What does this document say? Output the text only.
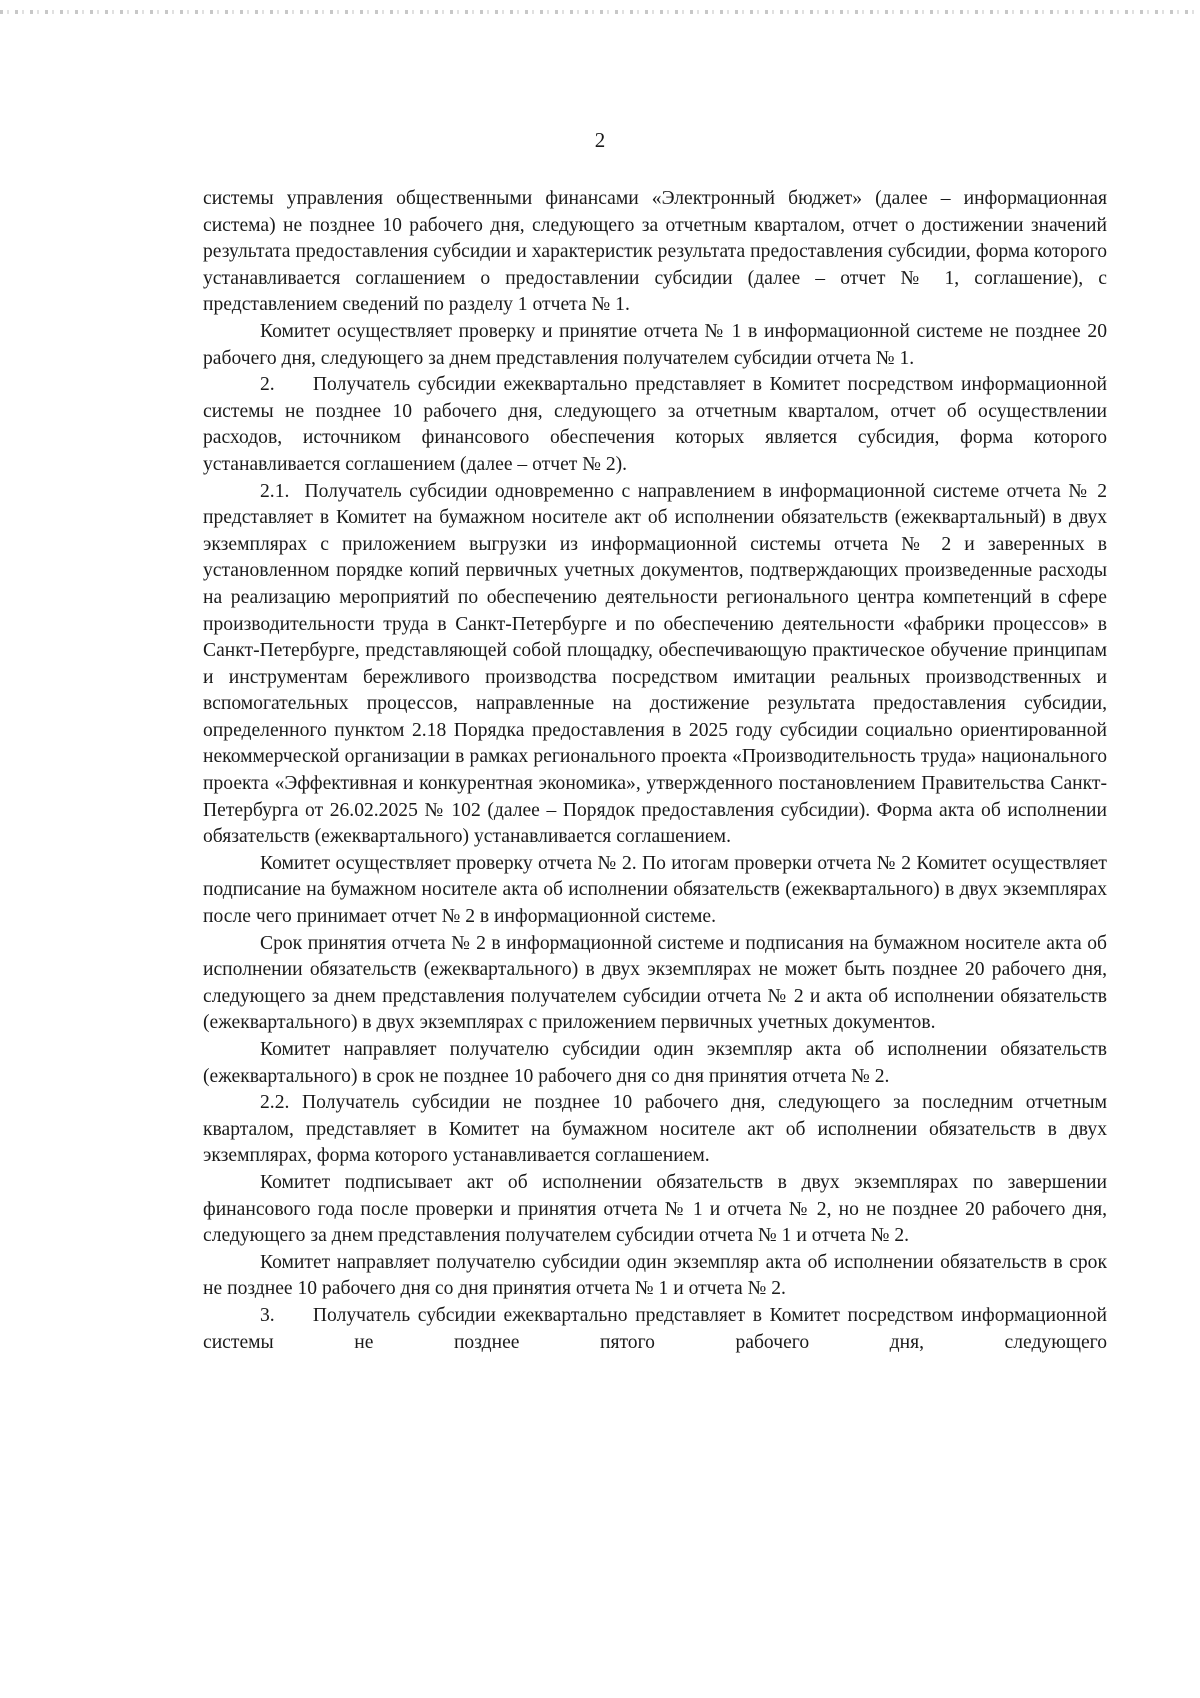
2

системы управления общественными финансами «Электронный бюджет» (далее – информационная система) не позднее 10 рабочего дня, следующего за отчетным кварталом, отчет о достижении значений результата предоставления субсидии и характеристик результата предоставления субсидии, форма которого устанавливается соглашением о предоставлении субсидии (далее – отчет № 1, соглашение), с представлением сведений по разделу 1 отчета № 1.

Комитет осуществляет проверку и принятие отчета № 1 в информационной системе не позднее 20 рабочего дня, следующего за днем представления получателем субсидии отчета № 1.

2.     Получатель субсидии ежеквартально представляет в Комитет посредством информационной системы не позднее 10 рабочего дня, следующего за отчетным кварталом, отчет об осуществлении расходов, источником финансового обеспечения которых является субсидия, форма которого устанавливается соглашением (далее – отчет № 2).

2.1.  Получатель субсидии одновременно с направлением в информационной системе отчета № 2 представляет в Комитет на бумажном носителе акт об исполнении обязательств (ежеквартальный) в двух экземплярах с приложением выгрузки из информационной системы отчета № 2 и заверенных в установленном порядке копий первичных учетных документов, подтверждающих произведенные расходы на реализацию мероприятий по обеспечению деятельности регионального центра компетенций в сфере производительности труда в Санкт-Петербурге и по обеспечению деятельности «фабрики процессов» в Санкт-Петербурге, представляющей собой площадку, обеспечивающую практическое обучение принципам и инструментам бережливого производства посредством имитации реальных производственных и вспомогательных процессов, направленные на достижение результата предоставления субсидии, определенного пунктом 2.18 Порядка предоставления в 2025 году субсидии социально ориентированной некоммерческой организации в рамках регионального проекта «Производительность труда» национального проекта «Эффективная и конкурентная экономика», утвержденного постановлением Правительства Санкт-Петербурга от 26.02.2025 № 102 (далее – Порядок предоставления субсидии). Форма акта об исполнении обязательств (ежеквартального) устанавливается соглашением.

Комитет осуществляет проверку отчета № 2. По итогам проверки отчета № 2 Комитет осуществляет подписание на бумажном носителе акта об исполнении обязательств (ежеквартального) в двух экземплярах после чего принимает отчет № 2 в информационной системе.

Срок принятия отчета № 2 в информационной системе и подписания на бумажном носителе акта об исполнении обязательств (ежеквартального) в двух экземплярах не может быть позднее 20 рабочего дня, следующего за днем представления получателем субсидии отчета № 2 и акта об исполнении обязательств (ежеквартального) в двух экземплярах с приложением первичных учетных документов.

Комитет направляет получателю субсидии один экземпляр акта об исполнении обязательств (ежеквартального) в срок не позднее 10 рабочего дня со дня принятия отчета № 2.

2.2. Получатель субсидии не позднее 10 рабочего дня, следующего за последним отчетным кварталом, представляет в Комитет на бумажном носителе акт об исполнении обязательств в двух экземплярах, форма которого устанавливается соглашением.

Комитет подписывает акт об исполнении обязательств в двух экземплярах по завершении финансового года после проверки и принятия отчета № 1 и отчета № 2, но не позднее 20 рабочего дня, следующего за днем представления получателем субсидии отчета № 1 и отчета № 2.

Комитет направляет получателю субсидии один экземпляр акта об исполнении обязательств в срок не позднее 10 рабочего дня со дня принятия отчета № 1 и отчета № 2.

3.     Получатель субсидии ежеквартально представляет в Комитет посредством информационной системы не позднее пятого рабочего дня, следующего
